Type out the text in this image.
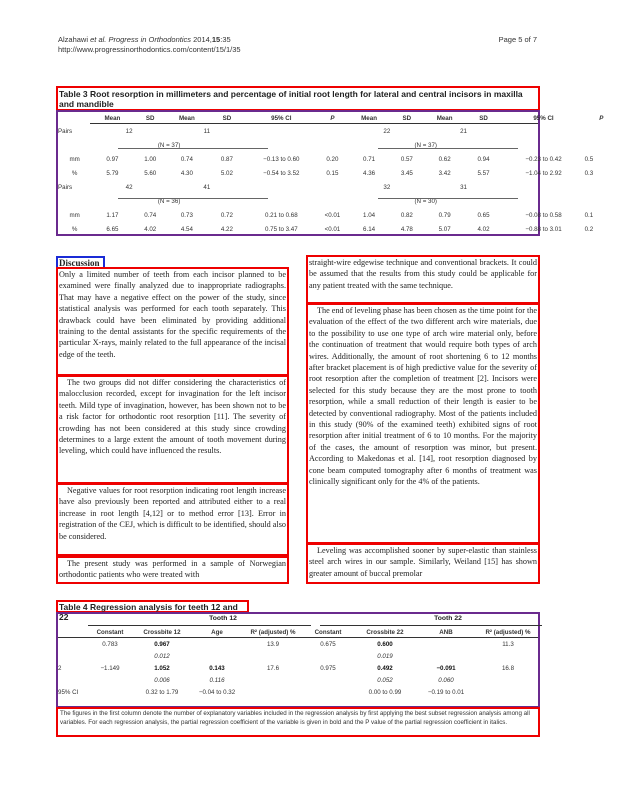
Alzahawi et al. Progress in Orthodontics 2014,15:35
http://www.progressinorthodontics.com/content/15/1/35
Page 5 of 7
Table 3 Root resorption in millimeters and percentage of initial root length for lateral and central incisors in maxilla and mandible
	Mean	SD	Mean	SD	95% CI	P	Mean	SD	Mean	SD	95% CI	P
Pairs	12		11				22		21			
	(N = 37)						(N = 37)					
mm	0.97	1.00	0.74	0.87	−0.13 to 0.60	0.20	0.71	0.57	0.62	0.94	−0.23 to 0.42	0.5
%	5.79	5.60	4.30	5.02	−0.54 to 3.52	0.15	4.36	3.45	3.42	5.57	−1.04 to 2.92	0.3
Pairs	42		41				32		31			
	(N = 36)						(N = 30)					
mm	1.17	0.74	0.73	0.72	0.21 to 0.68	<0.01	1.04	0.82	0.79	0.65	−0.08 to 0.58	0.1
%	6.65	4.02	4.54	4.22	0.75 to 3.47	<0.01	6.14	4.78	5.07	4.02	−0.88 to 3.01	0.2
Discussion
Only a limited number of teeth from each incisor planned to be examined were finally analyzed due to inappropriate radiographs. That may have a negative effect on the power of the study, since statistical analysis was performed for each tooth separately. This drawback could have been eliminated by providing additional training to the dental assistants for the specific requirements of the particular X-rays, mainly related to the full appearance of the incisal edge of the teeth.
The two groups did not differ considering the characteristics of malocclusion recorded, except for invagination for the left incisor teeth. Mild type of invagination, however, has been shown not to be a risk factor for orthodontic root resorption [11]. The severity of crowding has not been considered at this study since crowding determines to a large extent the amount of tooth movement during leveling, which could have influenced the results.
Negative values for root resorption indicating root length increase have also previously been reported and attributed either to a real increase in root length [4,12] or to method error [13]. Error in registration of the CEJ, which is difficult to be identified, should also be considered.
The present study was performed in a sample of Norwegian orthodontic patients who were treated with
straight-wire edgewise technique and conventional brackets. It could be assumed that the results from this study could be applicable for any patient treated with the same technique.
The end of leveling phase has been chosen as the time point for the evaluation of the effect of the two different arch wire materials, due to the possibility to use one type of arch wire material only, before the continuation of treatment that would require both types of arch wires. Additionally, the amount of root shortening 6 to 12 months after bracket placement is of high predictive value for the severity of root resorption after the completion of treatment [2]. Incisors were selected for this study because they are the most prone to tooth resorption, while a small reduction of their length is easier to be detected by conventional radiography. Most of the patients included in this study (90% of the examined teeth) exhibited signs of root resorption after initial treatment of 6 to 10 months. For the majority of the cases, the amount of resorption was minor, but present. According to Makedonas et al. [14], root resorption diagnosed by cone beam computed tomography after 6 months of treatment was clinically significant only for the 4% of the patients.
Leveling was accomplished sooner by super-elastic than stainless steel arch wires in our sample. Similarly, Weiland [15] has shown greater amount of buccal premolar
Table 4 Regression analysis for teeth 12 and 22	Tooth 12	Tooth 22
	Constant	Crossbite 12	Age	R² (adjusted) %	Constant	Crossbite 22	ANB	R² (adjusted) %
	0.783	0.967		13.9	0.675	0.600		11.3
		0.012				0.019		
2	−1.149	1.052	0.143	17.6	0.975	0.492	−0.091	16.8
		0.006	0.116			0.052	0.060	
95% CI		0.32 to 1.79	−0.04 to 0.32			0.00 to 0.99	−0.19 to 0.01	
The figures in the first column denote the number of explanatory variables included in the regression analysis by first applying the best subset regression analysis among all variables. For each regression analysis, the partial regression coefficient of the variable is given in bold and the P value of the partial regression coefficient in italics.
